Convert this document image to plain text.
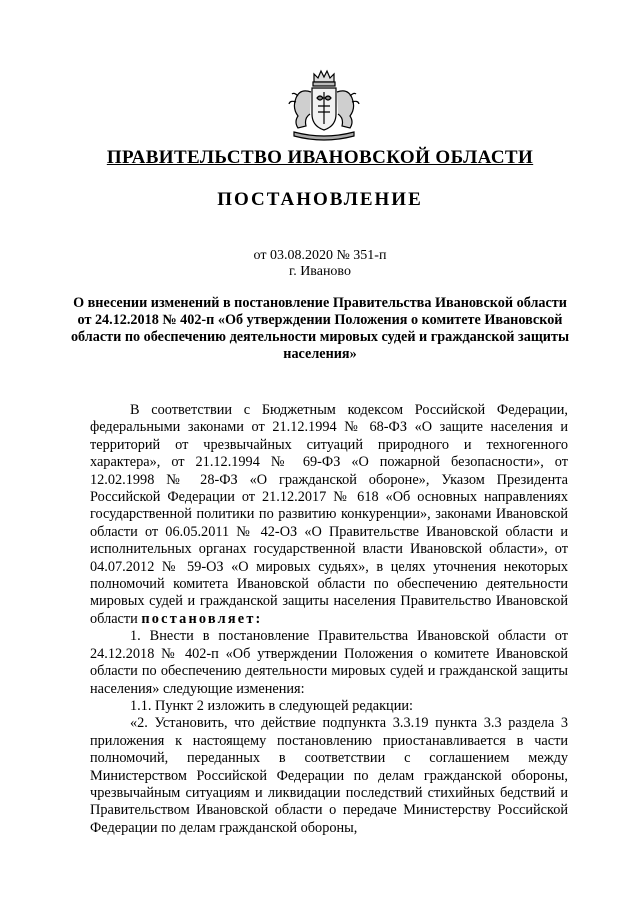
ПРАВИТЕЛЬСТВО ИВАНОВСКОЙ ОБЛАСТИ
ПОСТАНОВЛЕНИЕ
от 03.08.2020 № 351-п
г. Иваново
О внесении изменений в постановление Правительства Ивановской области от 24.12.2018 № 402-п «Об утверждении Положения о комитете Ивановской области по обеспечению деятельности мировых судей и гражданской защиты населения»

В соответствии с Бюджетным кодексом Российской Федерации, федеральными законами от 21.12.1994 № 68-ФЗ «О защите населения и территорий от чрезвычайных ситуаций природного и техногенного характера», от 21.12.1994 № 69-ФЗ «О пожарной безопасности», от 12.02.1998 № 28-ФЗ «О гражданской обороне», Указом Президента Российской Федерации от 21.12.2017 № 618 «Об основных направлениях государственной политики по развитию конкуренции», законами Ивановской области от 06.05.2011 № 42-ОЗ «О Правительстве Ивановской области и исполнительных органах государственной власти Ивановской области», от 04.07.2012 № 59-ОЗ «О мировых судьях», в целях уточнения некоторых полномочий комитета Ивановской области по обеспечению деятельности мировых судей и гражданской защиты населения Правительство Ивановской области постановляет:

1. Внести в постановление Правительства Ивановской области от 24.12.2018 № 402-п «Об утверждении Положения о комитете Ивановской области по обеспечению деятельности мировых судей и гражданской защиты населения» следующие изменения:

1.1. Пункт 2 изложить в следующей редакции:

«2. Установить, что действие подпункта 3.3.19 пункта 3.3 раздела 3 приложения к настоящему постановлению приостанавливается в части полномочий, переданных в соответствии с соглашением между Министерством Российской Федерации по делам гражданской обороны, чрезвычайным ситуациям и ликвидации последствий стихийных бедствий и Правительством Ивановской области о передаче Министерству Российской Федерации по делам гражданской обороны,
